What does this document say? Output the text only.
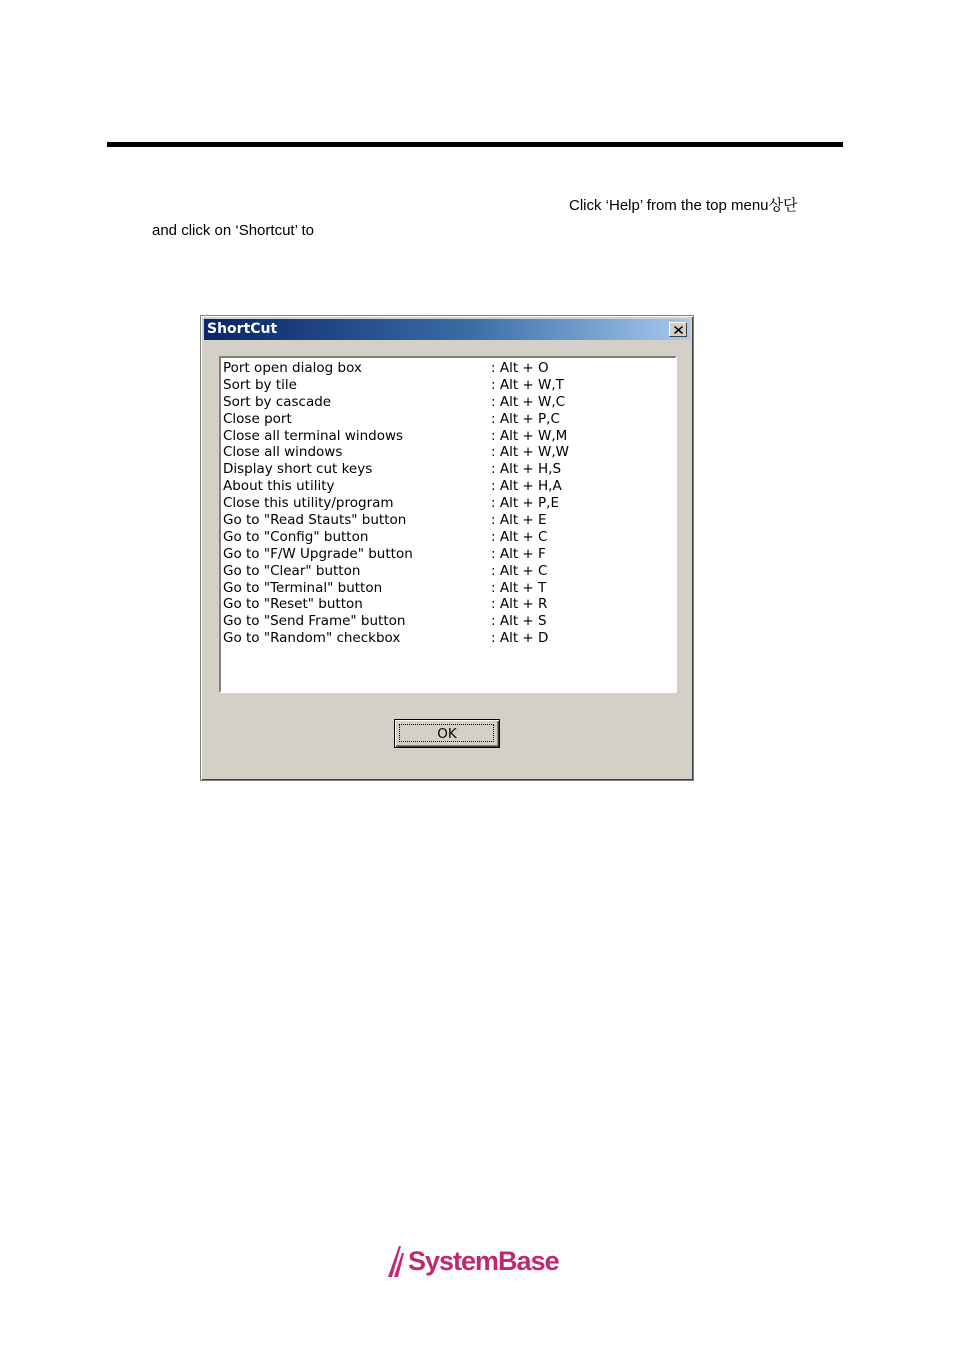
Click ‘Help’ from the top menu상단
and click on ‘Shortcut’ to
ShortCut
Port open dialog box	: Alt + O
Sort by tile	: Alt + W,T
Sort by cascade	: Alt + W,C
Close port	: Alt + P,C
Close all terminal windows	: Alt + W,M
Close all windows	: Alt + W,W
Display short cut keys	: Alt + H,S
About this utility	: Alt + H,A
Close this utility/program	: Alt + P,E
Go to "Read Stauts" button	: Alt + E
Go to "Config" button	: Alt + C
Go to "F/W Upgrade" button	: Alt + F
Go to "Clear" button	: Alt + C
Go to "Terminal" button	: Alt + T
Go to "Reset" button	: Alt + R
Go to "Send Frame" button	: Alt + S
Go to "Random" checkbox	: Alt + D
OK
SystemBase
